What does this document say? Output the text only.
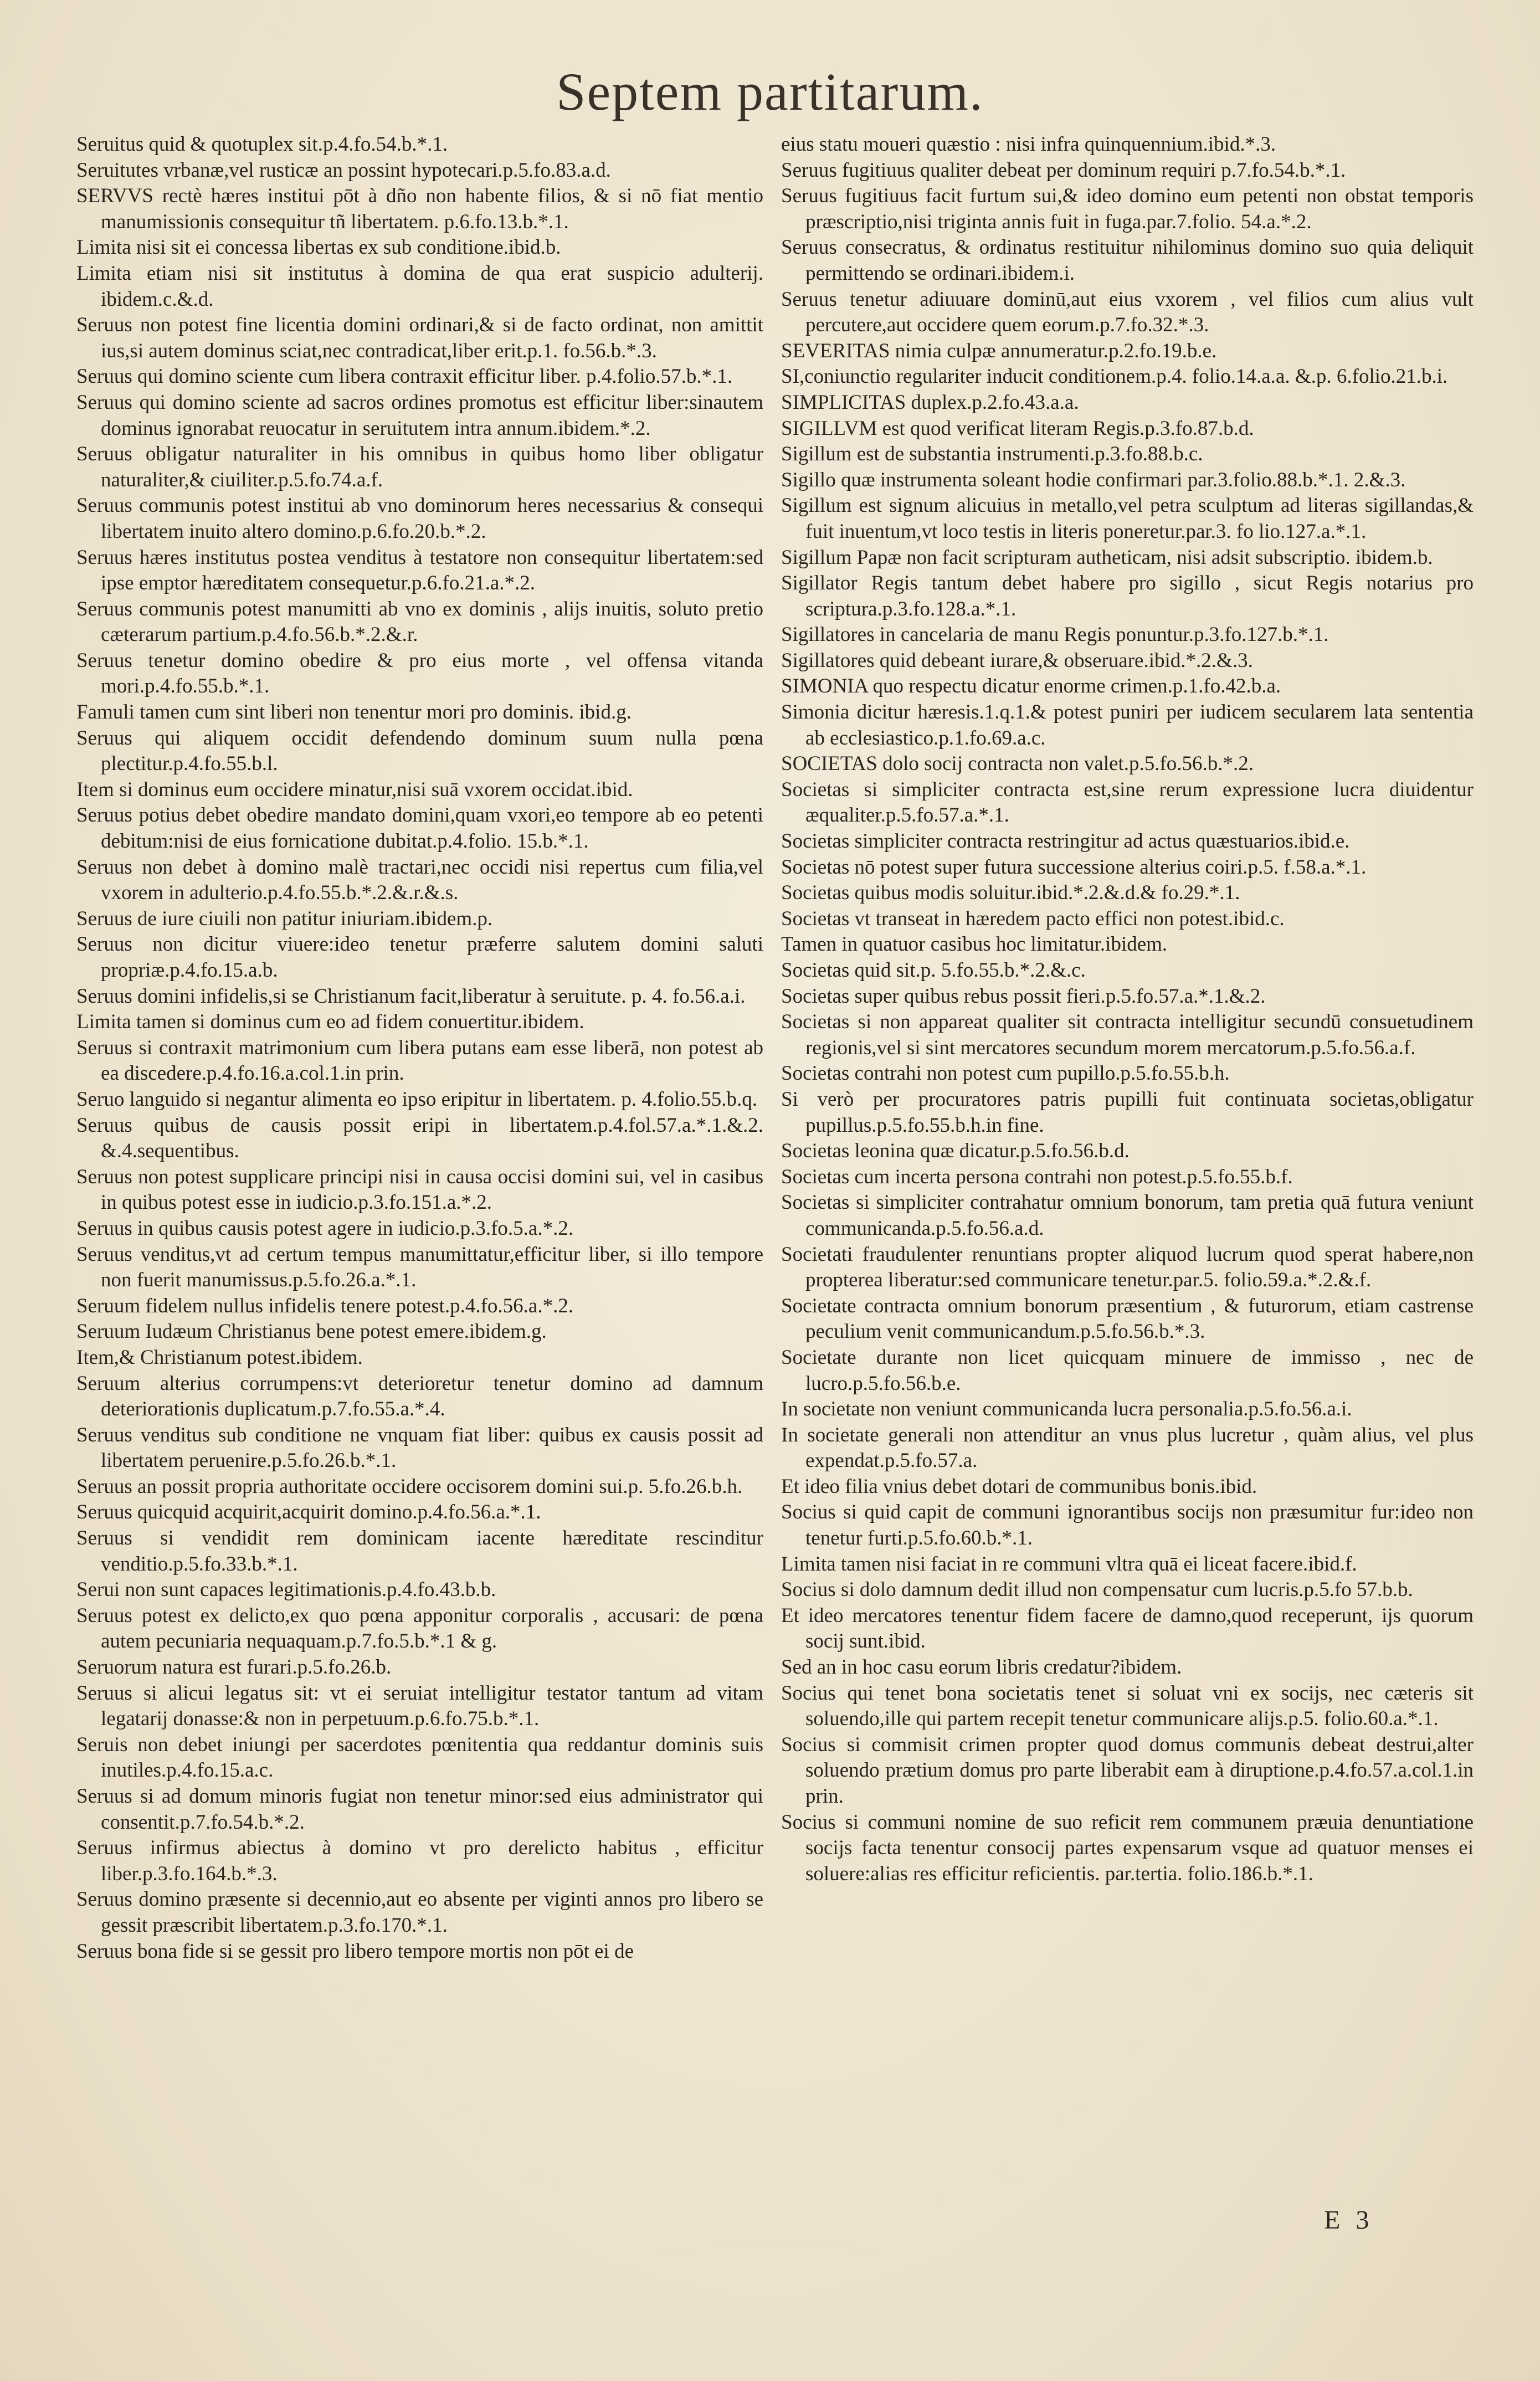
Septem partitarum.

Seruitus quid & quotuplex sit.p.4.fo.54.b.*.1.

Seruitutes vrbanæ,vel rusticæ an possint hypotecari.p.5.fo.83.a.d.

SERVVS rectè hæres institui pōt à dño non habente filios, & si nō fiat mentio manumissionis consequitur tñ libertatem. p.6.fo.13.b.*.1.

Limita nisi sit ei concessa libertas ex sub conditione.ibid.b.

Limita etiam nisi sit institutus à domina de qua erat suspicio adulterij. ibidem.c.&.d.

Seruus non potest fine licentia domini ordinari,& si de facto ordinat, non amittit ius,si autem dominus sciat,nec contradicat,liber erit.p.1. fo.56.b.*.3.

Seruus qui domino sciente cum libera contraxit efficitur liber. p.4.folio.57.b.*.1.

Seruus qui domino sciente ad sacros ordines promotus est efficitur liber:sinautem dominus ignorabat reuocatur in seruitutem intra annum.ibidem.*.2.

Seruus obligatur naturaliter in his omnibus in quibus homo liber obligatur naturaliter,& ciuiliter.p.5.fo.74.a.f.

Seruus communis potest institui ab vno dominorum heres necessarius & consequi libertatem inuito altero domino.p.6.fo.20.b.*.2.

Seruus hæres institutus postea venditus à testatore non consequitur libertatem:sed ipse emptor hæreditatem consequetur.p.6.fo.21.a.*.2.

Seruus communis potest manumitti ab vno ex dominis , alijs inuitis, soluto pretio cæterarum partium.p.4.fo.56.b.*.2.&.r.

Seruus tenetur domino obedire & pro eius morte , vel offensa vitanda mori.p.4.fo.55.b.*.1.

Famuli tamen cum sint liberi non tenentur mori pro dominis. ibid.g.

Seruus qui aliquem occidit defendendo dominum suum nulla pœna plectitur.p.4.fo.55.b.l.

Item si dominus eum occidere minatur,nisi suā vxorem occidat.ibid.

Seruus potius debet obedire mandato domini,quam vxori,eo tempore ab eo petenti debitum:nisi de eius fornicatione dubitat.p.4.folio. 15.b.*.1.

Seruus non debet à domino malè tractari,nec occidi nisi repertus cum filia,vel vxorem in adulterio.p.4.fo.55.b.*.2.&.r.&.s.

Seruus de iure ciuili non patitur iniuriam.ibidem.p.

Seruus non dicitur viuere:ideo tenetur præferre salutem domini saluti propriæ.p.4.fo.15.a.b.

Seruus domini infidelis,si se Christianum facit,liberatur à seruitute. p. 4. fo.56.a.i.

Limita tamen si dominus cum eo ad fidem conuertitur.ibidem.

Seruus si contraxit matrimonium cum libera putans eam esse liberā, non potest ab ea discedere.p.4.fo.16.a.col.1.in prin.

Seruo languido si negantur alimenta eo ipso eripitur in libertatem. p. 4.folio.55.b.q.

Seruus quibus de causis possit eripi in libertatem.p.4.fol.57.a.*.1.&.2. &.4.sequentibus.

Seruus non potest supplicare principi nisi in causa occisi domini sui, vel in casibus in quibus potest esse in iudicio.p.3.fo.151.a.*.2.

Seruus in quibus causis potest agere in iudicio.p.3.fo.5.a.*.2.

Seruus venditus,vt ad certum tempus manumittatur,efficitur liber, si illo tempore non fuerit manumissus.p.5.fo.26.a.*.1.

Seruum fidelem nullus infidelis tenere potest.p.4.fo.56.a.*.2.

Seruum Iudæum Christianus bene potest emere.ibidem.g.

Item,& Christianum potest.ibidem.

Seruum alterius corrumpens:vt deterioretur tenetur domino ad damnum deteriorationis duplicatum.p.7.fo.55.a.*.4.

Seruus venditus sub conditione ne vnquam fiat liber: quibus ex causis possit ad libertatem peruenire.p.5.fo.26.b.*.1.

Seruus an possit propria authoritate occidere occisorem domini sui.p. 5.fo.26.b.h.

Seruus quicquid acquirit,acquirit domino.p.4.fo.56.a.*.1.

Seruus si vendidit rem dominicam iacente hæreditate rescinditur venditio.p.5.fo.33.b.*.1.

Serui non sunt capaces legitimationis.p.4.fo.43.b.b.

Seruus potest ex delicto,ex quo pœna apponitur corporalis , accusari: de pœna autem pecuniaria nequaquam.p.7.fo.5.b.*.1 & g.

Seruorum natura est furari.p.5.fo.26.b.

Seruus si alicui legatus sit: vt ei seruiat intelligitur testator tantum ad vitam legatarij donasse:& non in perpetuum.p.6.fo.75.b.*.1.

Seruis non debet iniungi per sacerdotes pœnitentia qua reddantur dominis suis inutiles.p.4.fo.15.a.c.

Seruus si ad domum minoris fugiat non tenetur minor:sed eius administrator qui consentit.p.7.fo.54.b.*.2.

Seruus infirmus abiectus à domino vt pro derelicto habitus , efficitur liber.p.3.fo.164.b.*.3.

Seruus domino præsente si decennio,aut eo absente per viginti annos pro libero se gessit præscribit libertatem.p.3.fo.170.*.1.

Seruus bona fide si se gessit pro libero tempore mortis non pōt ei de

eius statu moueri quæstio : nisi infra quinquennium.ibid.*.3.

Seruus fugitiuus qualiter debeat per dominum requiri p.7.fo.54.b.*.1.

Seruus fugitiuus facit furtum sui,& ideo domino eum petenti non obstat temporis præscriptio,nisi triginta annis fuit in fuga.par.7.folio. 54.a.*.2.

Seruus consecratus, & ordinatus restituitur nihilominus domino suo quia deliquit permittendo se ordinari.ibidem.i.

Seruus tenetur adiuuare dominū,aut eius vxorem , vel filios cum alius vult percutere,aut occidere quem eorum.p.7.fo.32.*.3.

SEVERITAS nimia culpæ annumeratur.p.2.fo.19.b.e.

SI,coniunctio regulariter inducit conditionem.p.4. folio.14.a.a. &.p. 6.folio.21.b.i.

SIMPLICITAS duplex.p.2.fo.43.a.a.

SIGILLVM est quod verificat literam Regis.p.3.fo.87.b.d.

Sigillum est de substantia instrumenti.p.3.fo.88.b.c.

Sigillo quæ instrumenta soleant hodie confirmari par.3.folio.88.b.*.1. 2.&.3.

Sigillum est signum alicuius in metallo,vel petra sculptum ad literas sigillandas,& fuit inuentum,vt loco testis in literis poneretur.par.3. fo lio.127.a.*.1.

Sigillum Papæ non facit scripturam autheticam, nisi adsit subscriptio. ibidem.b.

Sigillator Regis tantum debet habere pro sigillo , sicut Regis notarius pro scriptura.p.3.fo.128.a.*.1.

Sigillatores in cancelaria de manu Regis ponuntur.p.3.fo.127.b.*.1.

Sigillatores quid debeant iurare,& obseruare.ibid.*.2.&.3.

SIMONIA quo respectu dicatur enorme crimen.p.1.fo.42.b.a.

Simonia dicitur hæresis.1.q.1.& potest puniri per iudicem secularem lata sententia ab ecclesiastico.p.1.fo.69.a.c.

SOCIETAS dolo socij contracta non valet.p.5.fo.56.b.*.2.

Societas si simpliciter contracta est,sine rerum expressione lucra diuidentur æqualiter.p.5.fo.57.a.*.1.

Societas simpliciter contracta restringitur ad actus quæstuarios.ibid.e.

Societas nō potest super futura successione alterius coiri.p.5. f.58.a.*.1.

Societas quibus modis soluitur.ibid.*.2.&.d.& fo.29.*.1.

Societas vt transeat in hæredem pacto effici non potest.ibid.c.

Tamen in quatuor casibus hoc limitatur.ibidem.

Societas quid sit.p. 5.fo.55.b.*.2.&.c.

Societas super quibus rebus possit fieri.p.5.fo.57.a.*.1.&.2.

Societas si non appareat qualiter sit contracta intelligitur secundū consuetudinem regionis,vel si sint mercatores secundum morem mercatorum.p.5.fo.56.a.f.

Societas contrahi non potest cum pupillo.p.5.fo.55.b.h.

Si verò per procuratores patris pupilli fuit continuata societas,obligatur pupillus.p.5.fo.55.b.h.in fine.

Societas leonina quæ dicatur.p.5.fo.56.b.d.

Societas cum incerta persona contrahi non potest.p.5.fo.55.b.f.

Societas si simpliciter contrahatur omnium bonorum, tam pretia quā futura veniunt communicanda.p.5.fo.56.a.d.

Societati fraudulenter renuntians propter aliquod lucrum quod sperat habere,non propterea liberatur:sed communicare tenetur.par.5. folio.59.a.*.2.&.f.

Societate contracta omnium bonorum præsentium , & futurorum, etiam castrense peculium venit communicandum.p.5.fo.56.b.*.3.

Societate durante non licet quicquam minuere de immisso , nec de lucro.p.5.fo.56.b.e.

In societate non veniunt communicanda lucra personalia.p.5.fo.56.a.i.

In societate generali non attenditur an vnus plus lucretur , quàm alius, vel plus expendat.p.5.fo.57.a.

Et ideo filia vnius debet dotari de communibus bonis.ibid.

Socius si quid capit de communi ignorantibus socijs non præsumitur fur:ideo non tenetur furti.p.5.fo.60.b.*.1.

Limita tamen nisi faciat in re communi vltra quā ei liceat facere.ibid.f.

Socius si dolo damnum dedit illud non compensatur cum lucris.p.5.fo 57.b.b.

Et ideo mercatores tenentur fidem facere de damno,quod receperunt, ijs quorum socij sunt.ibid.

Sed an in hoc casu eorum libris credatur?ibidem.

Socius qui tenet bona societatis tenet si soluat vni ex socijs, nec cæteris sit soluendo,ille qui partem recepit tenetur communicare alijs.p.5. folio.60.a.*.1.

Socius si commisit crimen propter quod domus communis debeat destrui,alter soluendo prætium domus pro parte liberabit eam à diruptione.p.4.fo.57.a.col.1.in prin.

Socius si communi nomine de suo reficit rem communem præuia denuntiatione socijs facta tenentur consocij partes expensarum vsque ad quatuor menses ei soluere:alias res efficitur reficientis. par.tertia. folio.186.b.*.1.

E 3
